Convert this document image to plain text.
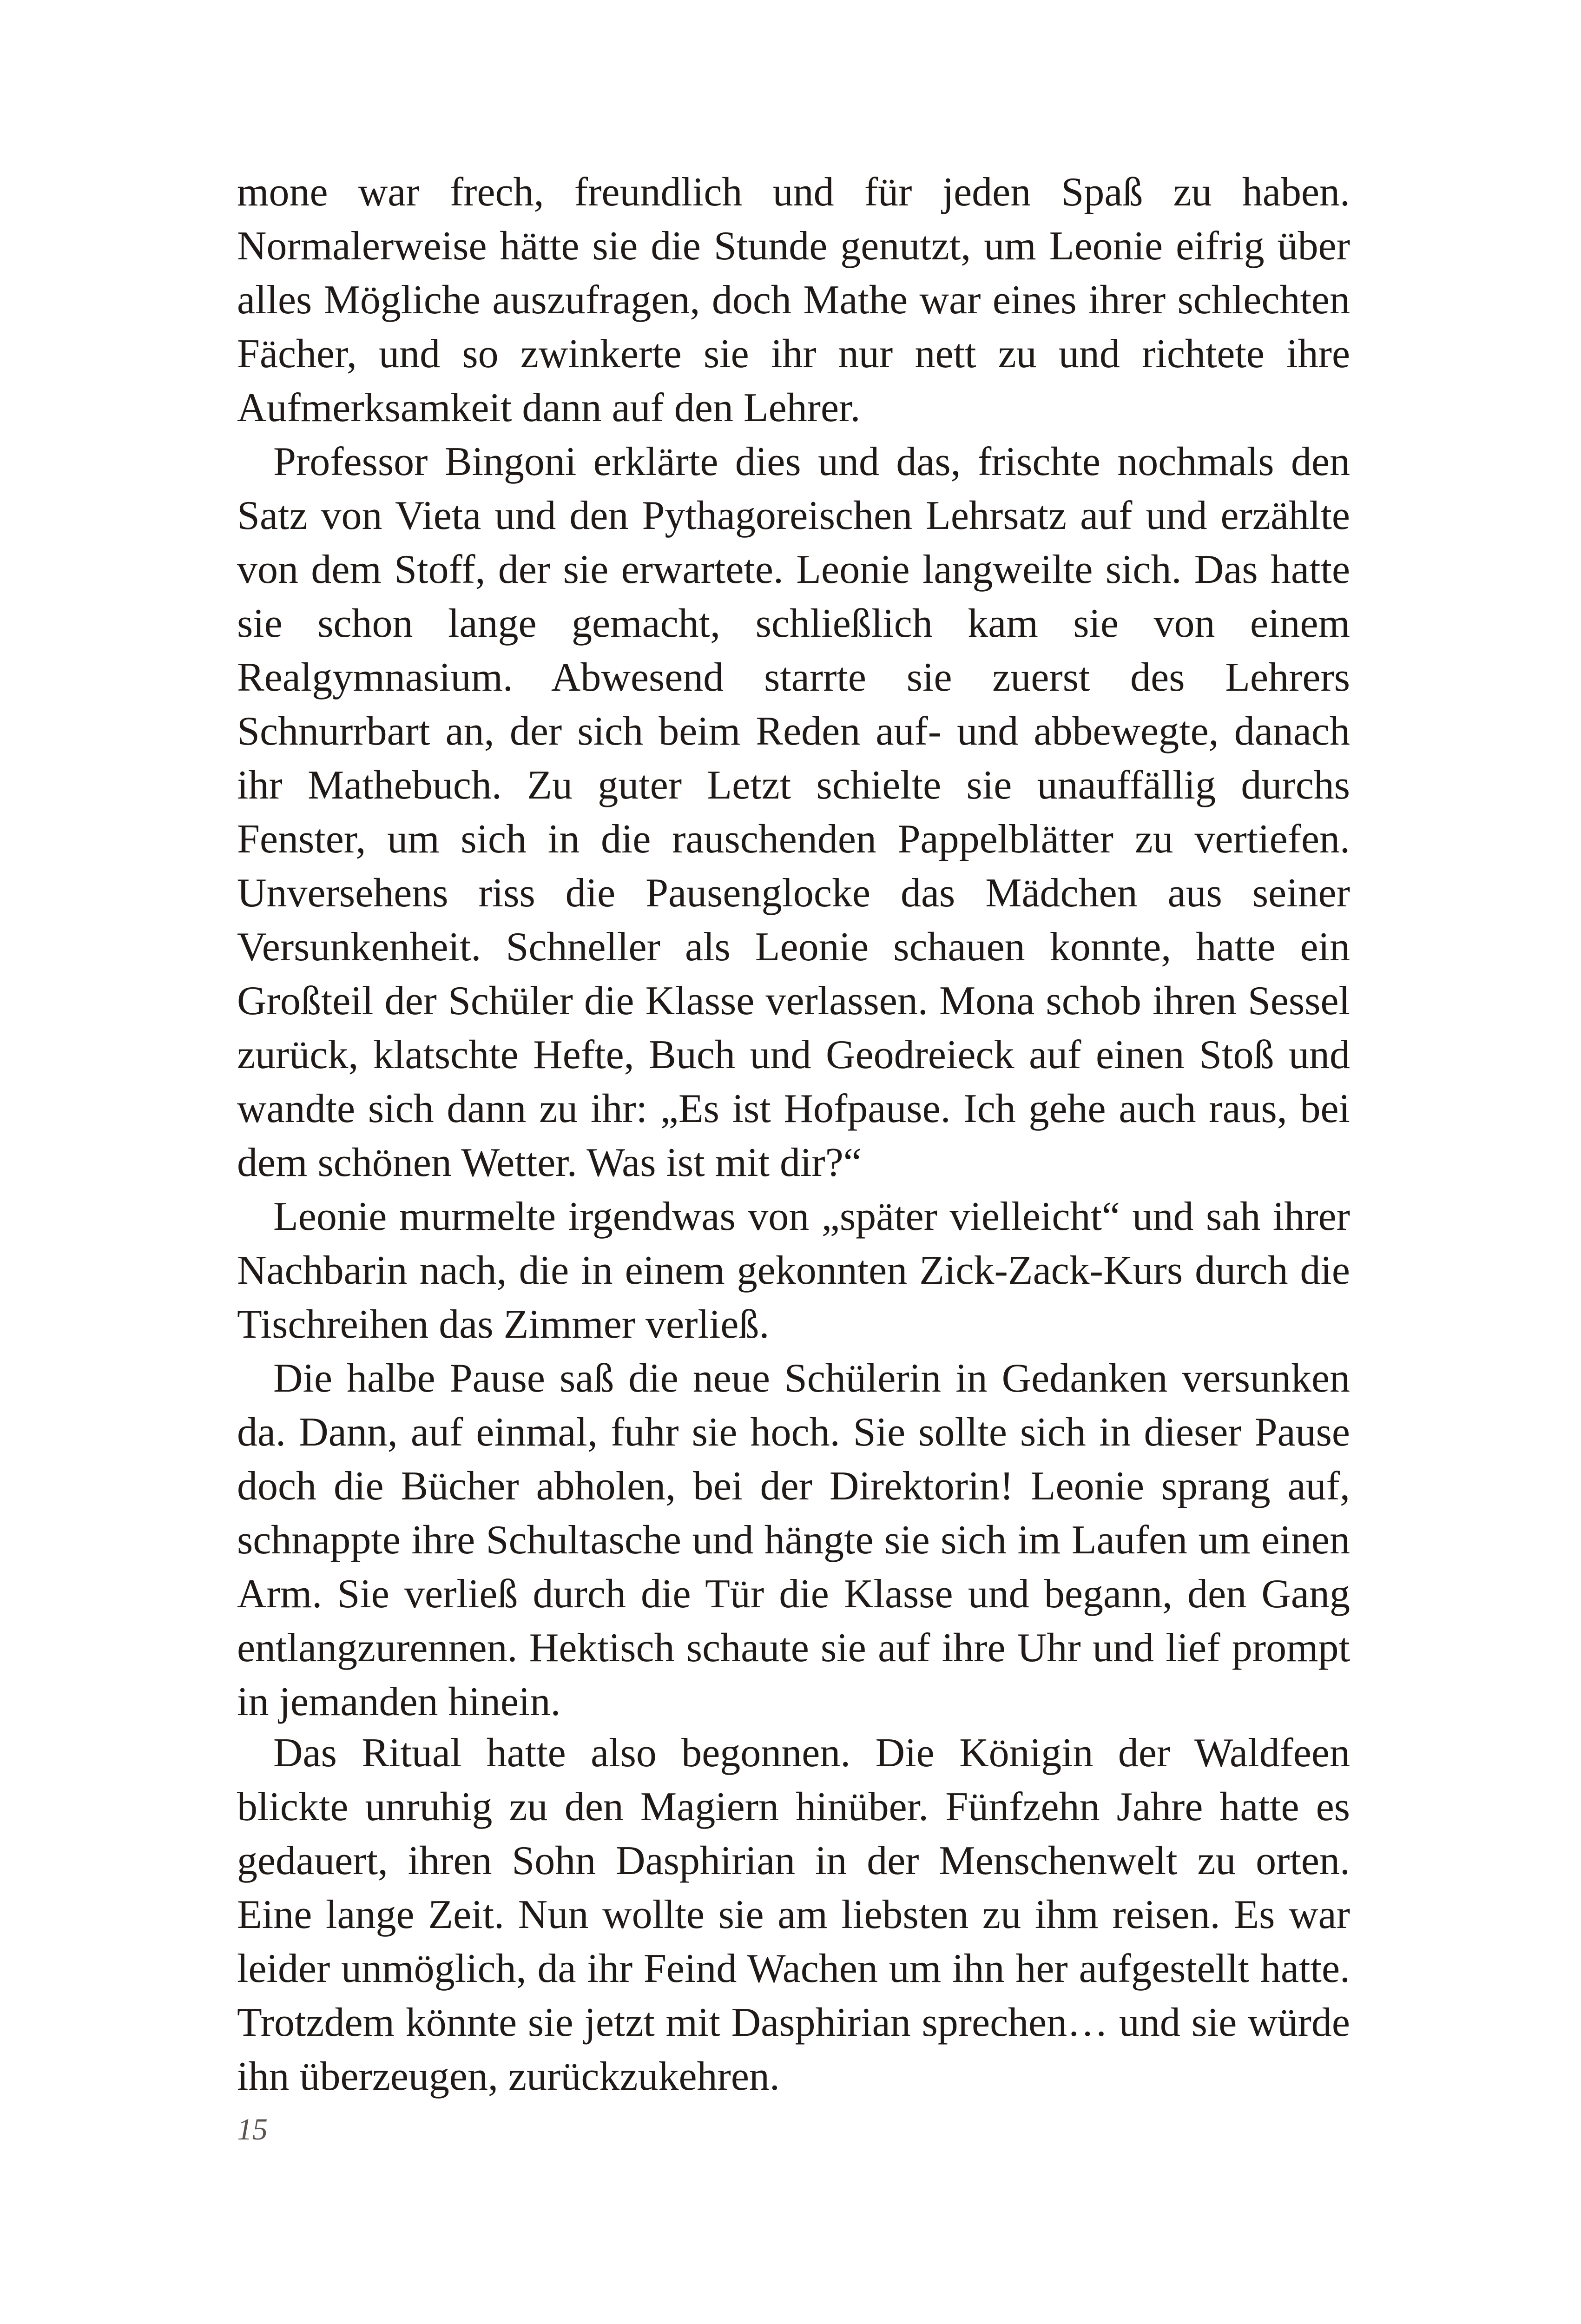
mone war frech, freundlich und für jeden Spaß zu haben. Normalerweise hätte sie die Stunde genutzt, um Leonie eifrig über alles Mögliche auszufragen, doch Mathe war eines ihrer schlechten Fächer, und so zwinkerte sie ihr nur nett zu und richtete ihre Aufmerksamkeit dann auf den Lehrer.

Professor Bingoni erklärte dies und das, frischte nochmals den Satz von Vieta und den Pythagoreischen Lehrsatz auf und erzählte von dem Stoff, der sie erwartete. Leonie langweilte sich. Das hatte sie schon lange gemacht, schließlich kam sie von einem Realgymnasium. Abwesend starrte sie zuerst des Lehrers Schnurrbart an, der sich beim Reden auf- und abbewegte, danach ihr Mathebuch. Zu guter Letzt schielte sie unauffällig durchs Fenster, um sich in die rauschenden Pappelblätter zu vertiefen. Unversehens riss die Pausenglocke das Mädchen aus seiner Versunkenheit. Schneller als Leonie schauen konnte, hatte ein Großteil der Schüler die Klasse verlassen. Mona schob ihren Sessel zurück, klatschte Hefte, Buch und Geodreieck auf einen Stoß und wandte sich dann zu ihr: „Es ist Hofpause. Ich gehe auch raus, bei dem schönen Wetter. Was ist mit dir?“

Leonie murmelte irgendwas von „später vielleicht“ und sah ihrer Nachbarin nach, die in einem gekonnten Zick-Zack-Kurs durch die Tischreihen das Zimmer verließ.

Die halbe Pause saß die neue Schülerin in Gedanken versunken da. Dann, auf einmal, fuhr sie hoch. Sie sollte sich in dieser Pause doch die Bücher abholen, bei der Direktorin! Leonie sprang auf, schnappte ihre Schultasche und hängte sie sich im Laufen um einen Arm. Sie verließ durch die Tür die Klasse und begann, den Gang entlangzurennen. Hektisch schaute sie auf ihre Uhr und lief prompt in jemanden hinein.

Das Ritual hatte also begonnen. Die Königin der Waldfeen blickte unruhig zu den Magiern hinüber. Fünfzehn Jahre hatte es gedauert, ihren Sohn Dasphirian in der Menschenwelt zu orten. Eine lange Zeit. Nun wollte sie am liebsten zu ihm reisen. Es war leider unmöglich, da ihr Feind Wachen um ihn her aufgestellt hatte. Trotzdem könnte sie jetzt mit Dasphirian sprechen… und sie würde ihn überzeugen, zurückzukehren.

15
